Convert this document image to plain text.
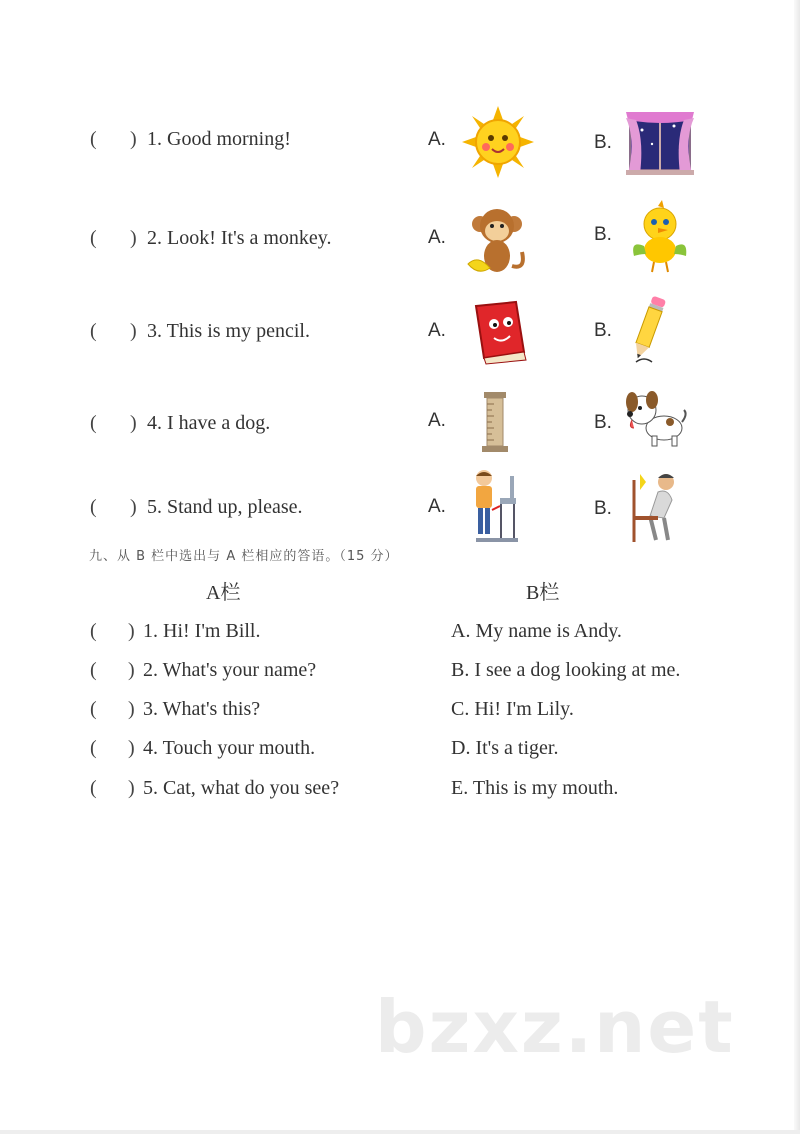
( ) 1. Good morning!	A.	B.
( ) 2. Look! It's a monkey.	A.	B.
( ) 3. This is my pencil.	A.	B.
( ) 4. I have a dog.	A.	B.
( ) 5. Stand up, please.	A.	B.
九、从 B 栏中选出与 A 栏相应的答语。（15 分）
A栏	B栏
( ) 1. Hi! I'm Bill.	A. My name is Andy.
( ) 2. What's your name?	B. I see a dog looking at me.
( ) 3. What's this?	C. Hi! I'm Lily.
( ) 4. Touch your mouth.	D. It's a tiger.
( ) 5. Cat, what do you see?	E. This is my mouth.
bzxz.net
